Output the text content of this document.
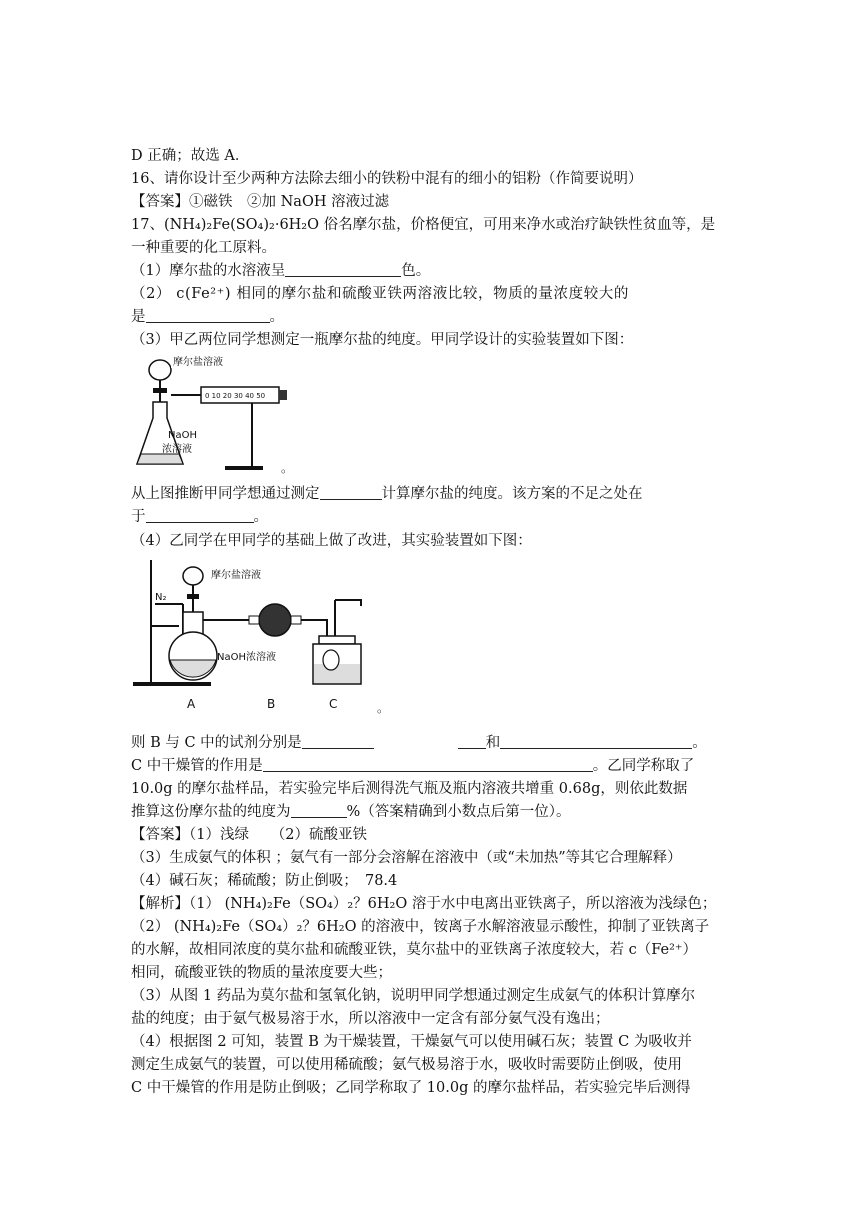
D 正确；故选 A．
16、请你设计至少两种方法除去细小的铁粉中混有的细小的铝粉（作简要说明）
【答案】①磁铁　②加 NaOH 溶液过滤
17、(NH₄)₂Fe(SO₄)₂·6H₂O 俗名摩尔盐，价格便宜，可用来净水或治疗缺铁性贫血等，是
一种重要的化工原料。
（1）摩尔盐的水溶液呈	色。
（2） c(Fe²⁺) 相同的摩尔盐和硫酸亚铁两溶液比较，物质的量浓度较大的
是	。
（3）甲乙两位同学想测定一瓶摩尔盐的纯度。甲同学设计的实验装置如下图：
0 10 20 30 40 50
摩尔盐溶液
NaOH
浓溶液
。
从上图推断甲同学想通过测定	计算摩尔盐的纯度。该方案的不足之处在
于	。
（4）乙同学在甲同学的基础上做了改进，其实验装置如下图：
N₂
摩尔盐溶液
NaOH浓溶液
A	B	C	。
则 B 与 C 中的试剂分别是	和	。
C 中干燥管的作用是	。乙同学称取了
10.0g 的摩尔盐样品，若实验完毕后测得洗气瓶及瓶内溶液共增重 0.68g，则依此数据
推算这份摩尔盐的纯度为	%（答案精确到小数点后第一位）。
【答案】（1）浅绿　　（2）硫酸亚铁
（3）生成氨气的体积 ；氨气有一部分会溶解在溶液中（或“未加热”等其它合理解释）
（4）碱石灰；稀硫酸；防止倒吸；　78.4
【解析】（1） (NH₄)₂Fe（SO₄）₂？6H₂O 溶于水中电离出亚铁离子，所以溶液为浅绿色；
（2） (NH₄)₂Fe（SO₄）₂？6H₂O 的溶液中，铵离子水解溶液显示酸性，抑制了亚铁离子
的水解，故相同浓度的莫尔盐和硫酸亚铁，莫尔盐中的亚铁离子浓度较大，若 c（Fe²⁺）
相同，硫酸亚铁的物质的量浓度要大些；
（3）从图 1 药品为莫尔盐和氢氧化钠，说明甲同学想通过测定生成氨气的体积计算摩尔
盐的纯度；由于氨气极易溶于水，所以溶液中一定含有部分氨气没有逸出；
（4）根据图 2 可知，装置 B 为干燥装置，干燥氨气可以使用碱石灰；装置 C 为吸收并
测定生成氨气的装置，可以使用稀硫酸；氨气极易溶于水，吸收时需要防止倒吸，使用
C 中干燥管的作用是防止倒吸；乙同学称取了 10.0g 的摩尔盐样品，若实验完毕后测得
